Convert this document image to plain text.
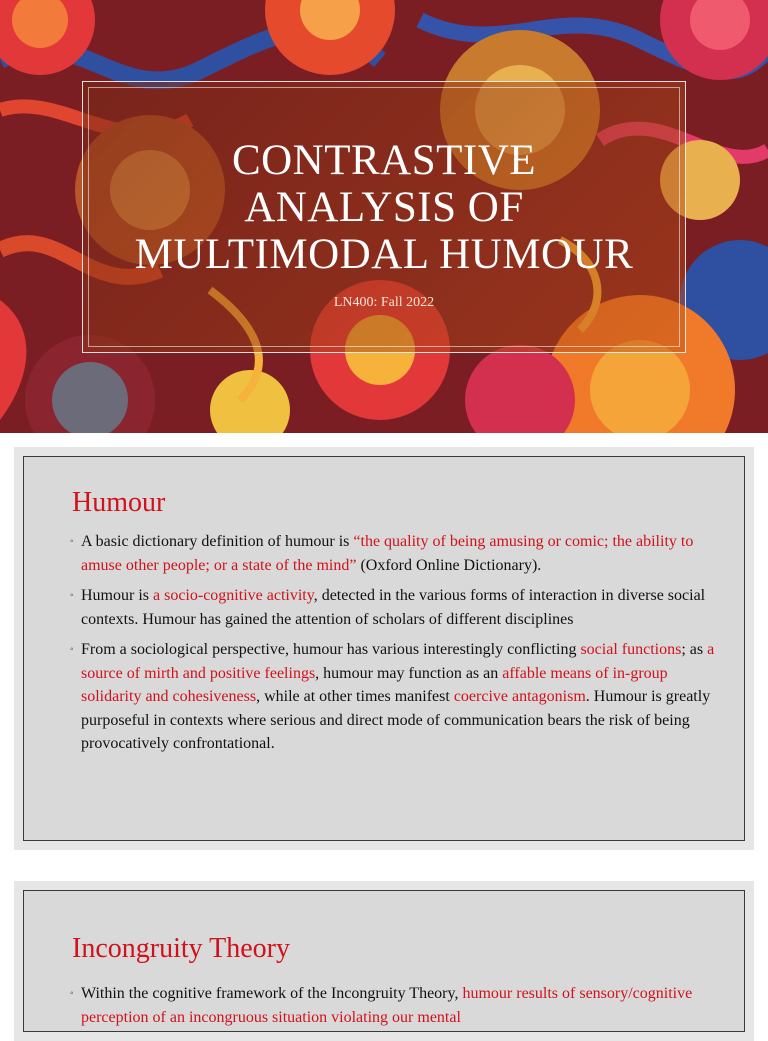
CONTRASTIVE
ANALYSIS OF
MULTIMODAL HUMOUR
LN400: Fall 2022
Humour
◦ A basic dictionary definition of humour is “the quality of being amusing or comic; the ability to amuse other people; or a state of the mind” (Oxford Online Dictionary).
◦ Humour is a socio-cognitive activity, detected in the various forms of interaction in diverse social contexts. Humour has gained the attention of scholars of different disciplines
◦ From a sociological perspective, humour has various interestingly conflicting social functions; as a source of mirth and positive feelings, humour may function as an affable means of in-group solidarity and cohesiveness, while at other times manifest coercive antagonism. Humour is greatly purposeful in contexts where serious and direct mode of communication bears the risk of being provocatively confrontational.
Incongruity Theory
◦ Within the cognitive framework of the Incongruity Theory, humour results of sensory/cognitive perception of an incongruous situation violating our mental
